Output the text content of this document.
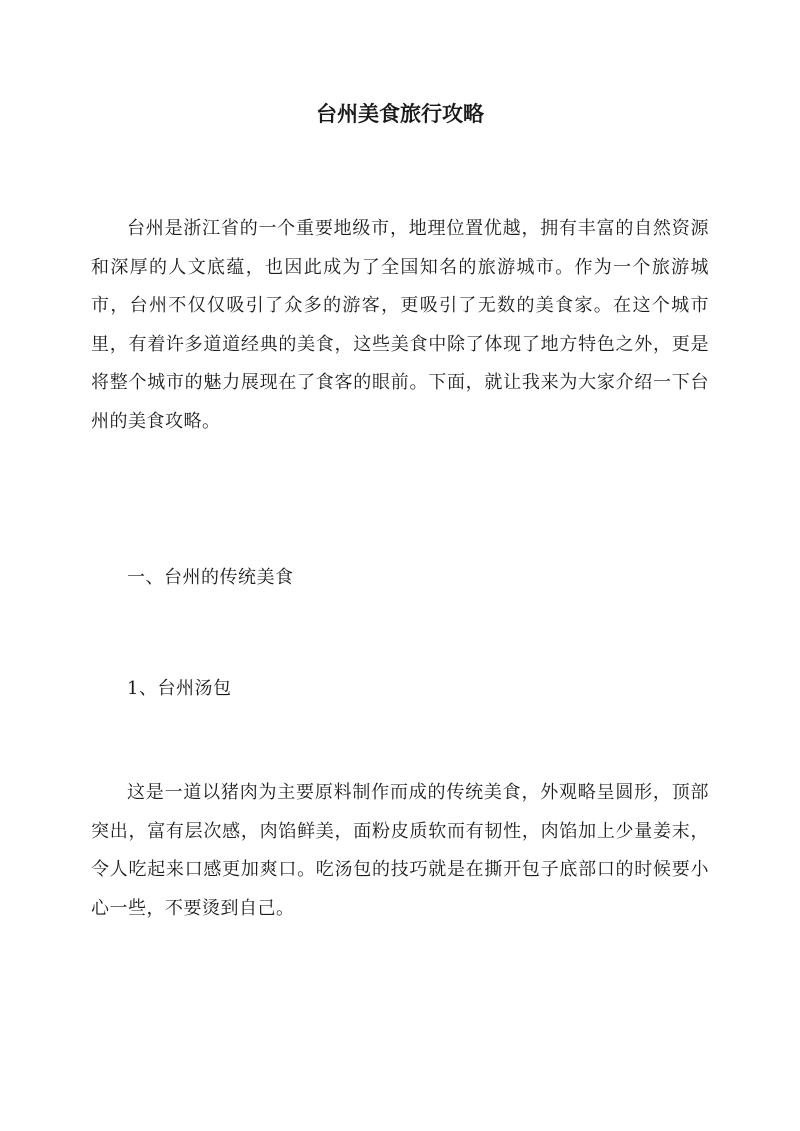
台州美食旅行攻略

台州是浙江省的一个重要地级市，地理位置优越，拥有丰富的自然资源和深厚的人文底蕴，也因此成为了全国知名的旅游城市。作为一个旅游城市，台州不仅仅吸引了众多的游客，更吸引了无数的美食家。在这个城市里，有着许多道道经典的美食，这些美食中除了体现了地方特色之外，更是将整个城市的魅力展现在了食客的眼前。下面，就让我来为大家介绍一下台州的美食攻略。

一、台州的传统美食

1、台州汤包

这是一道以猪肉为主要原料制作而成的传统美食，外观略呈圆形，顶部突出，富有层次感，肉馅鲜美，面粉皮质软而有韧性，肉馅加上少量姜末，令人吃起来口感更加爽口。吃汤包的技巧就是在撕开包子底部口的时候要小心一些，不要烫到自己。
